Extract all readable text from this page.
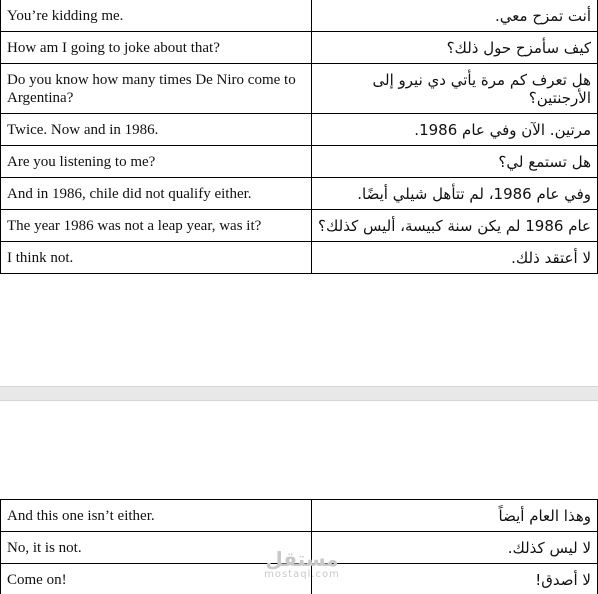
You’re kidding me.	أنت تمزح معي.
How am I going to joke about that?	كيف سأمزح حول ذلك؟
Do you know how many times De Niro come to Argentina?	هل تعرف كم مرة يأتي دي نيرو إلى الأرجنتين؟
Twice. Now and in 1986.	مرتين. الآن وفي عام 1986.
Are you listening to me?	هل تستمع لي؟
And in 1986, chile did not qualify either.	وفي عام 1986، لم تتأهل شيلي أيضًا.
The year 1986 was not a leap year, was it?	عام 1986 لم يكن سنة كبيسة، أليس كذلك؟
I think not.	لا أعتقد ذلك.
And this one isn’t either.	وهذا العام أيضاً
No, it is not.	لا ليس كذلك.
Come on!	لا أصدق!
مستقل
mostaql.com
